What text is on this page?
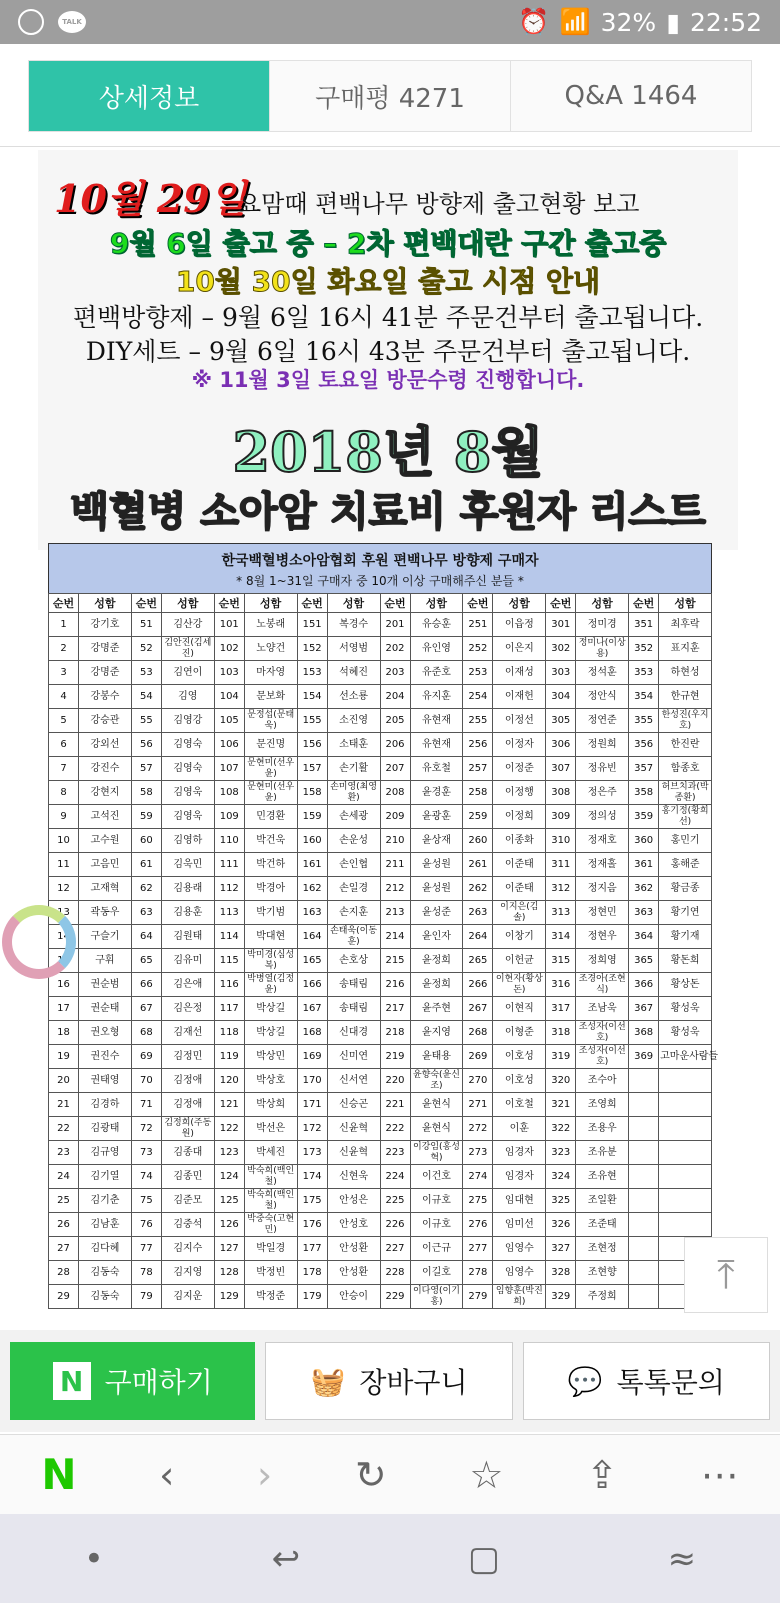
TALK	⏰ 📶 32% ▮ 22:52
상세정보	구매평 4271	Q&A 1464
10월 29일
요맘때 편백나무 방향제 출고현황 보고
9월 6일 출고 중 – 2차 편백대란 구간 출고중
10월 30일 화요일 출고 시점 안내
편백방향제 – 9월 6일 16시 41분 주문건부터 출고됩니다.
DIY세트 – 9월 6일 16시 43분 주문건부터 출고됩니다.
※ 11월 3일 토요일 방문수령 진행합니다.
2018년 8월
백혈병 소아암 치료비 후원자 리스트
한국백혈병소아암협회 후원 편백나무 방향제 구매자
* 8월 1~31일 구매자 중 10개 이상 구매해주신 분들 *
순번	성함	순번	성함	순번	성함	순번	성함	순번	성함	순번	성함	순번	성함	순번	성함
1	강기호	51	김산강	101	노봉래	151	복경수	201	유승훈	251	이읍정	301	정미경	351	최후락
2	강명준	52	김안진(김세진)	102	노양건	152	서영범	202	유인영	252	이은지	302	정미나(이상용)	352	표지훈
3	강명준	53	김연이	103	마자영	153	석혜진	203	유준호	253	이재성	303	정석훈	353	하현성
4	강봉수	54	김영	104	문보화	154	선소룡	204	유지훈	254	이재헌	304	정안식	354	한규현
5	강승관	55	김영강	105	문정섭(문태욱)	155	소진영	205	유현재	255	이정선	305	정연준	355	한성진(우지호)
6	강외선	56	김영숙	106	문진명	156	소태훈	206	유현재	256	이정자	306	정원희	356	한진란
7	강진수	57	김영숙	107	문현미(선우윤)	157	손기활	207	유호철	257	이정준	307	정유빈	357	함종호
8	강현지	58	김영욱	108	문현미(선우윤)	158	손미영(최영환)	208	윤경훈	258	이정행	308	정은주	358	허브치과(박종환)
9	고석진	59	김영욱	109	민경환	159	손세광	209	윤광훈	259	이정희	309	정의성	359	홍기정(황희선)
10	고수원	60	김영하	110	박건욱	160	손운성	210	윤상재	260	이종화	310	정재호	360	홍민기
11	고음민	61	김욱민	111	박건하	161	손인협	211	윤성원	261	이준태	311	정재홀	361	홍해준
12	고재혁	62	김용래	112	박경아	162	손일경	212	윤성원	262	이준태	312	정지음	362	황금종
13	곽동우	63	김용훈	113	박기범	163	손지훈	213	윤성준	263	이지은(김솔)	313	정현민	363	황기연
14	구슬기	64	김원태	114	박대현	164	손태욱(이동훈)	214	윤인자	264	이창기	314	정현우	364	황기재
15	구휘	65	김유미	115	박미경(심성복)	165	손호상	215	윤정희	265	이헌균	315	정희영	365	황돈희
16	권순범	66	김은애	116	박병열(김정윤)	166	송태림	216	윤정희	266	이현자(황상돈)	316	조경아(조현식)	366	황상돈
17	권순태	67	김은정	117	박상길	167	송태림	217	윤주현	267	이현직	317	조남욱	367	황성욱
18	권오형	68	김재선	118	박상길	168	신대경	218	윤지영	268	이형준	318	조성자(이선호)	368	황성욱
19	권진수	69	김정민	119	박상민	169	신미연	219	윤태용	269	이호성	319	조성자(이선호)	369	고마운사람들
20	권태영	70	김정애	120	박상호	170	신서연	220	윤향숙(윤신조)	270	이호성	320	조수아		
21	김경하	71	김정애	121	박상희	171	신승곤	221	윤현식	271	이호철	321	조영희		
22	김광태	72	김정희(주동원)	122	박선은	172	신윤혁	222	윤현식	272	이훈	322	조용우		
23	김규영	73	김종대	123	박세진	173	신윤혁	223	이강임(홍성혁)	273	임경자	323	조유분		
24	김기열	74	김종민	124	박숙희(백인철)	174	신현욱	224	이건호	274	임경자	324	조유현		
25	김기춘	75	김준모	125	박숙희(백인철)	175	안성은	225	이규호	275	임대현	325	조일환		
26	김남훈	76	김중석	126	박중숙(고현민)	176	안성호	226	이규호	276	임미선	326	조준태		
27	김다혜	77	김지수	127	박일경	177	안성환	227	이근규	277	임영수	327	조현정		
28	김동숙	78	김지영	128	박정빈	178	안성환	228	이길호	278	임영수	328	조현향		
29	김동숙	79	김지운	129	박정준	179	안승이	229	이다영(이기홍)	279	임향훈(박진희)	329	주정희			⤒
N 구매하기	🧺 장바구니	💬 톡톡문의
N ‹ › ↻ ☆ ⇪ ⋯
•	↩	▢	≈
